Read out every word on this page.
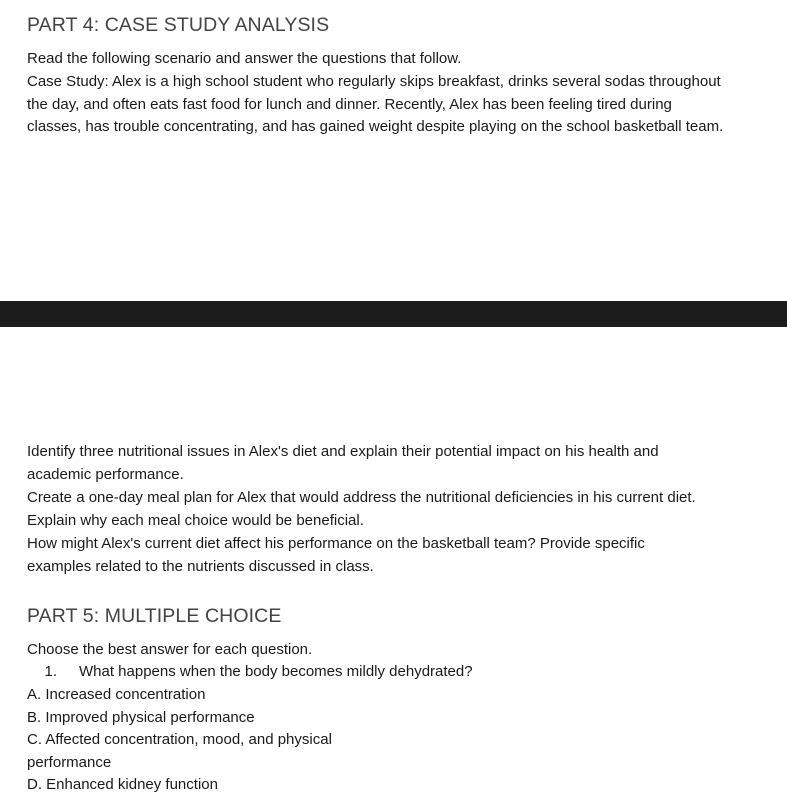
PART 4: CASE STUDY ANALYSIS
Read the following scenario and answer the questions that follow.
Case Study: Alex is a high school student who regularly skips breakfast, drinks several sodas throughout the day, and often eats fast food for lunch and dinner. Recently, Alex has been feeling tired during classes, has trouble concentrating, and has gained weight despite playing on the school basketball team.
Identify three nutritional issues in Alex's diet and explain their potential impact on his health and academic performance.
Create a one-day meal plan for Alex that would address the nutritional deficiencies in his current diet. Explain why each meal choice would be beneficial.
How might Alex's current diet affect his performance on the basketball team? Provide specific examples related to the nutrients discussed in class.
PART 5: MULTIPLE CHOICE
Choose the best answer for each question.
1.	What happens when the body becomes mildly dehydrated?
A. Increased concentration
B. Improved physical performance
C. Affected concentration, mood, and physical performance
D. Enhanced kidney function
